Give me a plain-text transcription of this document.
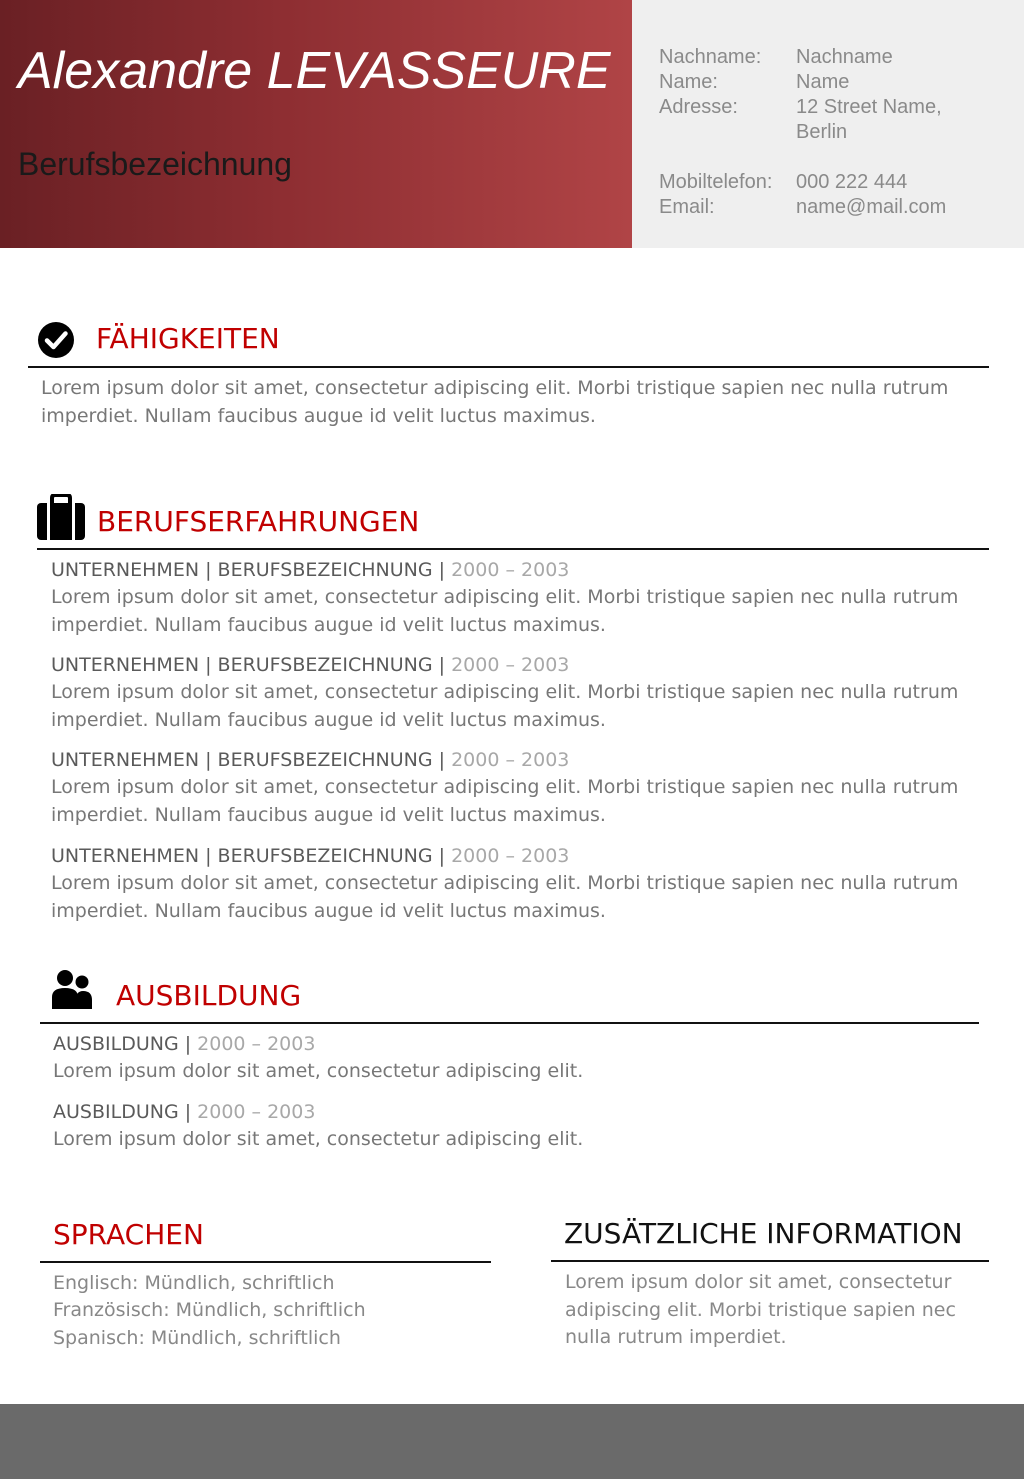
Alexandre LEVASSEURE
Berufsbezeichnung
Nachname: Nachname
Name:	Name
Adresse:	12 Street Name,
Berlin
Mobiltelefon: 000 222 444
Email:	name@mail.com
FÄHIGKEITEN

Lorem ipsum dolor sit amet, consectetur adipiscing elit. Morbi tristique sapien nec nulla rutrum imperdiet. Nullam faucibus augue id velit luctus maximus.

BERUFSERFAHRUNGEN
UNTERNEHMEN | BERUFSBEZEICHNUNG | 2000 – 2003

Lorem ipsum dolor sit amet, consectetur adipiscing elit. Morbi tristique sapien nec nulla rutrum imperdiet. Nullam faucibus augue id velit luctus maximus.

UNTERNEHMEN | BERUFSBEZEICHNUNG | 2000 – 2003

Lorem ipsum dolor sit amet, consectetur adipiscing elit. Morbi tristique sapien nec nulla rutrum imperdiet. Nullam faucibus augue id velit luctus maximus.

UNTERNEHMEN | BERUFSBEZEICHNUNG | 2000 – 2003

Lorem ipsum dolor sit amet, consectetur adipiscing elit. Morbi tristique sapien nec nulla rutrum imperdiet. Nullam faucibus augue id velit luctus maximus.

UNTERNEHMEN | BERUFSBEZEICHNUNG | 2000 – 2003

Lorem ipsum dolor sit amet, consectetur adipiscing elit. Morbi tristique sapien nec nulla rutrum imperdiet. Nullam faucibus augue id velit luctus maximus.

AUSBILDUNG
AUSBILDUNG | 2000 – 2003

Lorem ipsum dolor sit amet, consectetur adipiscing elit.

AUSBILDUNG | 2000 – 2003

Lorem ipsum dolor sit amet, consectetur adipiscing elit.

SPRACHEN

Englisch: Mündlich, schriftlich

Französisch: Mündlich, schriftlich

Spanisch: Mündlich, schriftlich

ZUSÄTZLICHE INFORMATION

Lorem ipsum dolor sit amet, consectetur adipiscing elit. Morbi tristique sapien nec nulla rutrum imperdiet.
